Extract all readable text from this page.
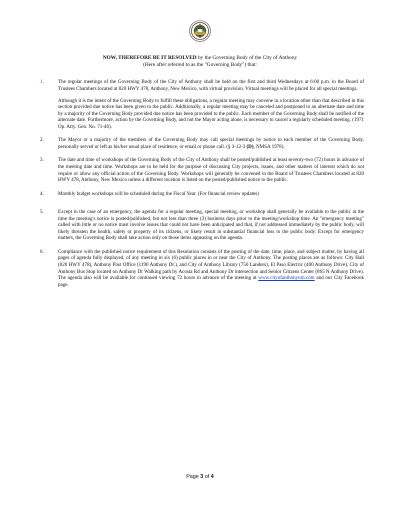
NOW, THEREFORE BE IT RESOLVED by the Governing Body of the City of Anthony
(Here after referred to as the "Governing Body") that:
1.	The regular meetings of the Governing Body of the City of Anthony shall be held on the first and third Wednesdays at 6:00 p.m. in the Board of Trustees Chambers located at 820 HWY 478, Anthony, New Mexico, with virtual provision. Virtual meetings will be placed for all special meetings.

Although it is the intent of the Governing Body to fulfill these obligations, a regular meeting may convene in a location other than that described in this section provided due notice has been given to the public. Additionally, a regular meeting may be canceled and postponed to an alternate date and time by a majority of the Governing Body provided due notice has been provided to the public. Each member of the Governing Body shall be notified of the alternate date. Furthermore, action by the Governing Body, and not the Mayor acting alone, is necessary to cancel a regularly scheduled meeting. (1971 Op. Atty. Gen. No. 71-46).

2.	The Mayor or a majority of the members of the Governing Body may call special meetings by notice to each member of the Governing Body, personally served or left as his/her usual place of residence, or email or phone call. (§ 3-12-3 (D), NMSA 1978).

3.	The date and time of workshops of the Governing Body of the City of Anthony shall be posted/published at least seventy-two (72) hours in advance of the meeting date and time. Workshops are to be held for the purpose of discussing City projects, issues, and other matters of interest which do not require or allow any official action of the Governing Body. Workshops will generally be convened in the Board of Trustees Chambers located at 820 HWY 478, Anthony, New Mexico unless a different location is listed on the posted/published notice to the public.

4.	Monthly budget workshops will be scheduled during the Fiscal Year. (For financial review updates)

5.	Except in the case of an emergency, the agenda for a regular meeting, special meeting, or workshop shall generally be available to the public at the time the meeting's notice is posted/published, but not less than three (3) business days prior to the meeting/workshop time. An "emergency meeting" called with little or no notice must involve issues that could not have been anticipated and that, if not addressed immediately by the public body, will likely threaten the health, safety or property of its citizens, or likely result in substantial financial loss to the public body. Except for emergency matters, the Governing Body shall take action only on those items appearing on the agenda.

6.	Compliance with the published notice requirement of this Resolution consists of the posting of the date, time, place, and subject matter, by having all pages of agenda fully displayed, of any meeting in six (6) public places in or near the City of Anthony. The posting places are as follows: City Hall (820 HWY 478), Anthony Post Office (1190 Anthony Dr.), and City of Anthony Library (750 Landers), El Paso Electric (400 Anthony Drive), City of Anthony Bus Stop located on Anthony Dr Walking path by Acosta Rd and Anthony Dr intersection and Senior Citizens Center (865 N Anthony Drive). The agenda also will be available for continued viewing 72 hours in advance of the meeting at www.cityofanthonynm.com and our City Facebook page.

Page 3 of 4
